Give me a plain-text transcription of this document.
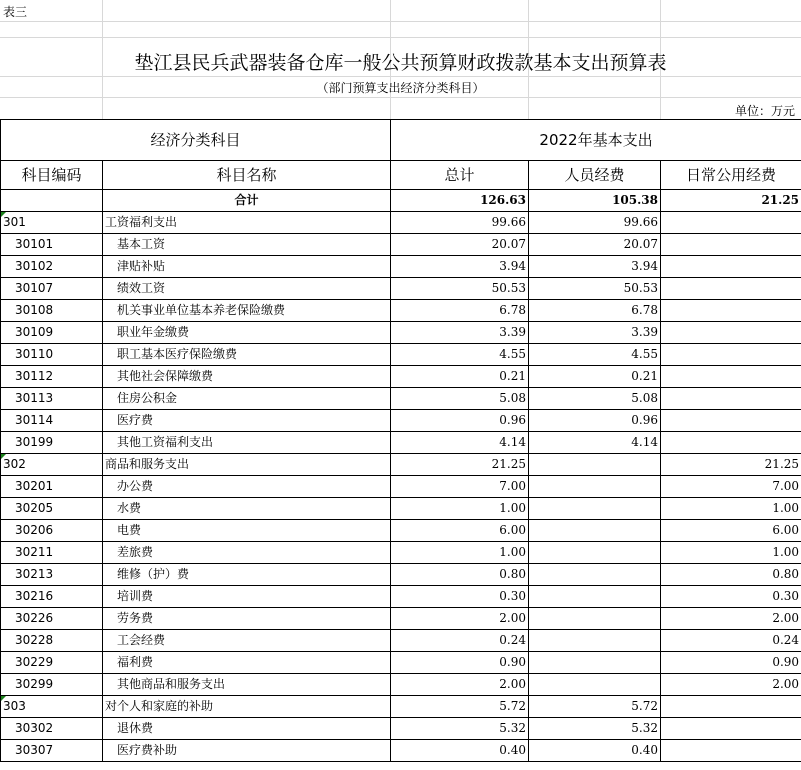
表三
垫江县民兵武器装备仓库一般公共预算财政拨款基本支出预算表
（部门预算支出经济分类科目）
单位：万元
经济分类科目		2022年基本支出		
科目编码	科目名称	总计	人员经费	日常公用经费
	合计	126.63	105.38	21.25

301	工资福利支出	99.66	99.66	
30101	基本工资	20.07	20.07	
30102	津贴补贴	3.94	3.94	
30107	绩效工资	50.53	50.53	
30108	机关事业单位基本养老保险缴费	6.78	6.78	
30109	职业年金缴费	3.39	3.39	
30110	职工基本医疗保险缴费	4.55	4.55	
30112	其他社会保障缴费	0.21	0.21	
30113	住房公积金	5.08	5.08	
30114	医疗费	0.96	0.96	
30199	其他工资福利支出	4.14	4.14	

302	商品和服务支出	21.25		21.25
30201	办公费	7.00		7.00
30205	水费	1.00		1.00
30206	电费	6.00		6.00
30211	差旅费	1.00		1.00
30213	维修（护）费	0.80		0.80
30216	培训费	0.30		0.30
30226	劳务费	2.00		2.00
30228	工会经费	0.24		0.24
30229	福利费	0.90		0.90
30299	其他商品和服务支出	2.00		2.00

303	对个人和家庭的补助	5.72	5.72	
30302	退休费	5.32	5.32	
30307	医疗费补助	0.40	0.40	
